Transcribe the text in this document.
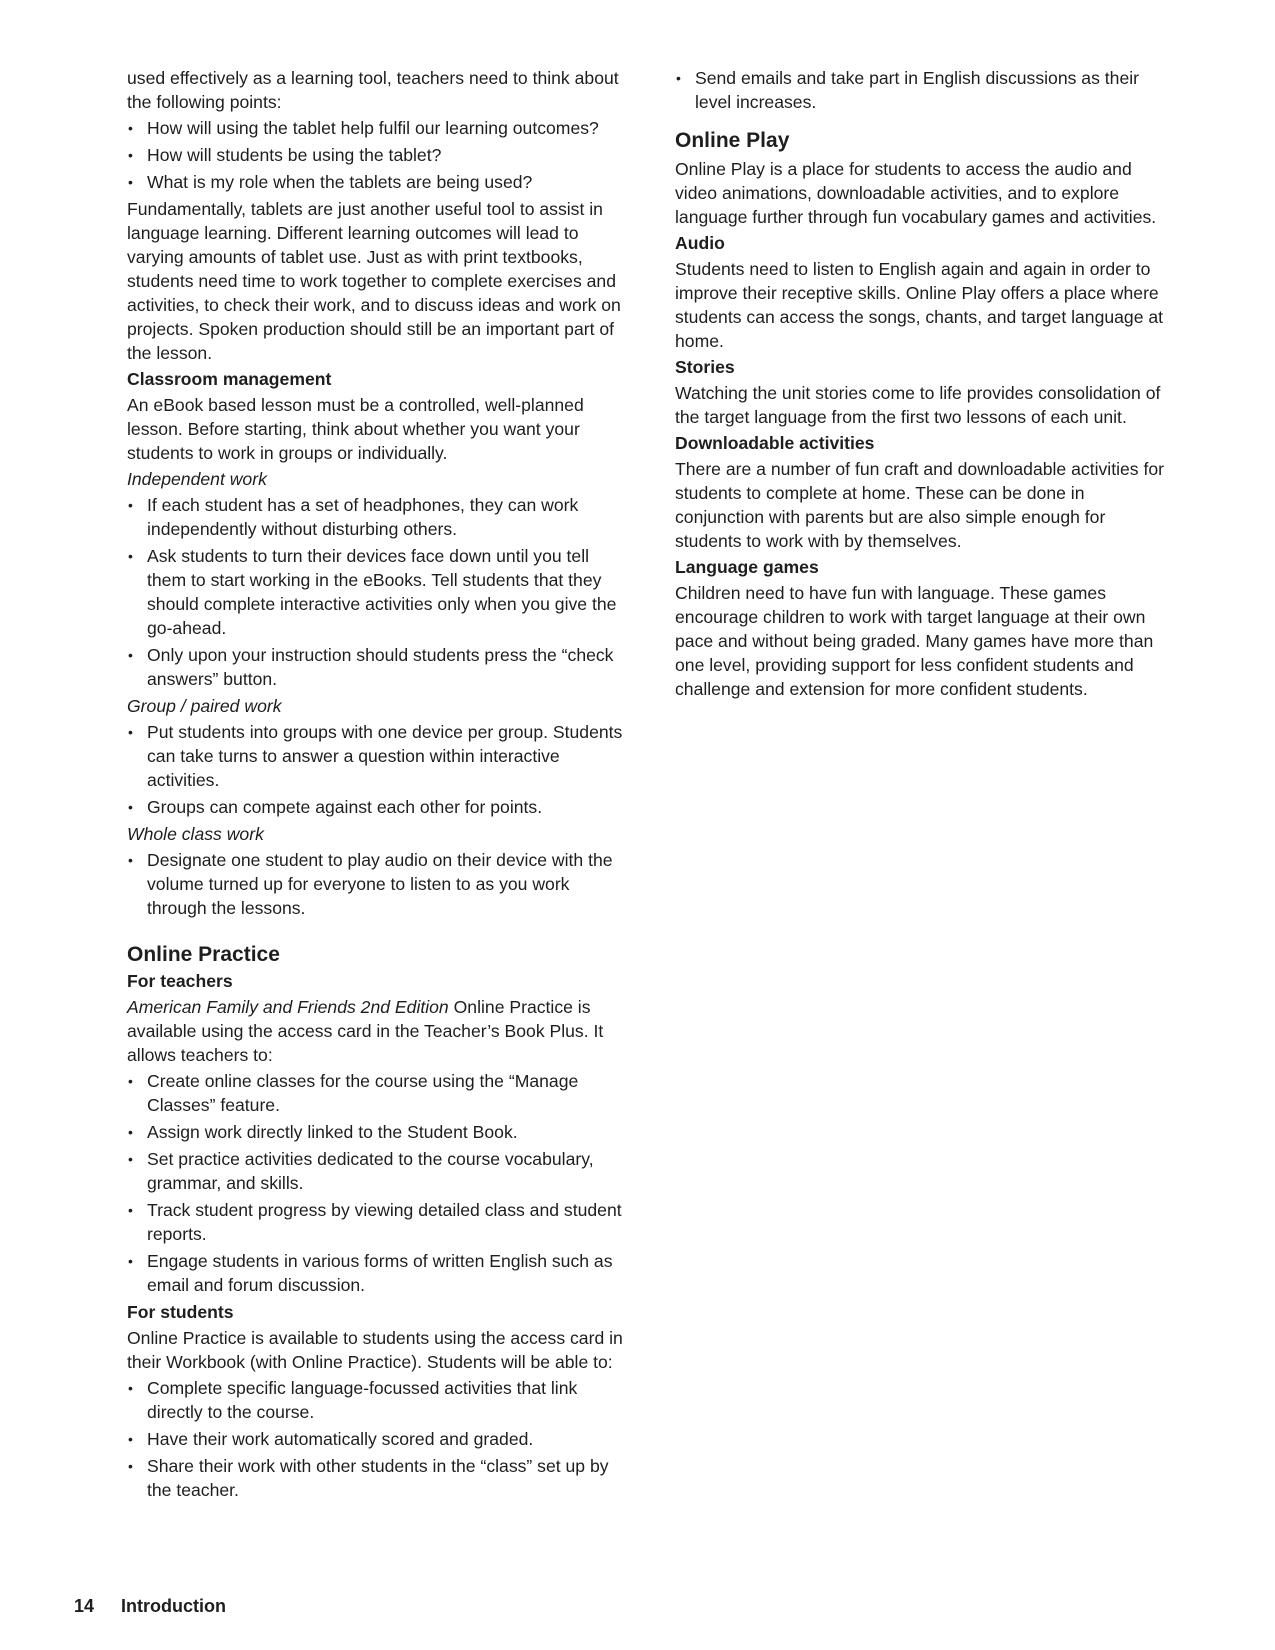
used effectively as a learning tool, teachers need to think about the following points:

• How will using the tablet help fulfil our learning outcomes?
• How will students be using the tablet?
• What is my role when the tablets are being used?

Fundamentally, tablets are just another useful tool to assist in language learning. Different learning outcomes will lead to varying amounts of tablet use. Just as with print textbooks, students need time to work together to complete exercises and activities, to check their work, and to discuss ideas and work on projects. Spoken production should still be an important part of the lesson.

Classroom management

An eBook based lesson must be a controlled, well-planned lesson. Before starting, think about whether you want your students to work in groups or individually.

Independent work
• If each student has a set of headphones, they can work independently without disturbing others.
• Ask students to turn their devices face down until you tell them to start working in the eBooks. Tell students that they should complete interactive activities only when you give the go-ahead.
• Only upon your instruction should students press the “check answers” button.
Group / paired work
• Put students into groups with one device per group. Students can take turns to answer a question within interactive activities.
• Groups can compete against each other for points.
Whole class work
• Designate one student to play audio on their device with the volume turned up for everyone to listen to as you work through the lessons.
Online Practice
For teachers

American Family and Friends 2nd Edition Online Practice is available using the access card in the Teacher’s Book Plus. It allows teachers to:

• Create online classes for the course using the “Manage Classes” feature.
• Assign work directly linked to the Student Book.
• Set practice activities dedicated to the course vocabulary, grammar, and skills.
• Track student progress by viewing detailed class and student reports.
• Engage students in various forms of written English such as email and forum discussion.
For students

Online Practice is available to students using the access card in their Workbook (with Online Practice). Students will be able to:

• Complete specific language-focussed activities that link directly to the course.
• Have their work automatically scored and graded.
• Share their work with other students in the “class” set up by the teacher.
• Send emails and take part in English discussions as their level increases.
Online Play

Online Play is a place for students to access the audio and video animations, downloadable activities, and to explore language further through fun vocabulary games and activities.

Audio

Students need to listen to English again and again in order to improve their receptive skills. Online Play offers a place where students can access the songs, chants, and target language at home.

Stories

Watching the unit stories come to life provides consolidation of the target language from the first two lessons of each unit.

Downloadable activities

There are a number of fun craft and downloadable activities for students to complete at home. These can be done in conjunction with parents but are also simple enough for students to work with by themselves.

Language games

Children need to have fun with language. These games encourage children to work with target language at their own pace and without being graded. Many games have more than one level, providing support for less confident students and challenge and extension for more confident students.

14 Introduction
